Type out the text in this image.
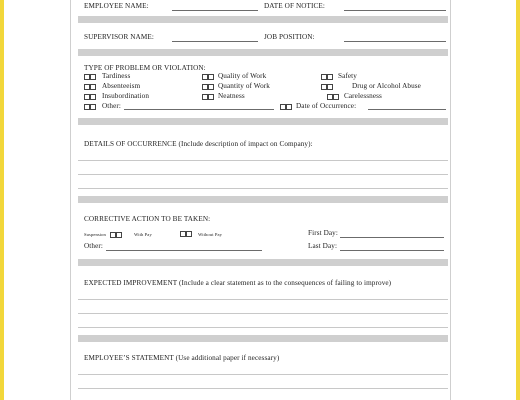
EMPLOYEE NAME:	DATE OF NOTICE:
SUPERVISOR NAME:	JOB POSITION:
TYPE OF PROBLEM OR VIOLATION:
Tardiness	Quality of Work	Safety
Absenteeism	Quantity of Work	Drug or Alcohol Abuse
Insubordination	Neatness	Carelessness
Other:	Date of Occurrence:
DETAILS OF OCCURRENCE (Include description of impact on Company):
CORRECTIVE ACTION TO BE TAKEN:
Suspension	With Pay	Without Pay	First Day:
Other:	Last Day:
EXPECTED IMPROVEMENT (Include a clear statement as to the consequences of failing to improve)
EMPLOYEE’S STATEMENT (Use additional paper if necessary)
